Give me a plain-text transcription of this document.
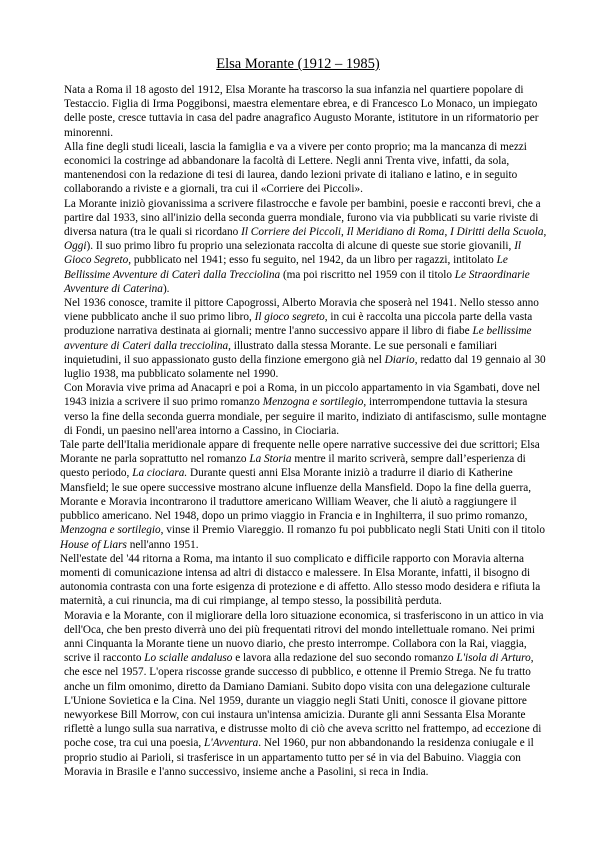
Elsa Morante (1912 – 1985)

Nata a Roma il 18 agosto del 1912, Elsa Morante ha trascorso la sua infanzia nel quartiere popolare di Testaccio. Figlia di Irma Poggibonsi, maestra elementare ebrea, e di Francesco Lo Monaco, un impiegato delle poste, cresce tuttavia in casa del padre anagrafico Augusto Morante, istitutore in un riformatorio per minorenni.

Alla fine degli studi liceali, lascia la famiglia e va a vivere per conto proprio; ma la mancanza di mezzi economici la costringe ad abbandonare la facoltà di Lettere. Negli anni Trenta vive, infatti, da sola, mantenendosi con la redazione di tesi di laurea, dando lezioni private di italiano e latino, e in seguito collaborando a riviste e a giornali, tra cui il «Corriere dei Piccoli».

La Morante iniziò giovanissima a scrivere filastrocche e favole per bambini, poesie e racconti brevi, che a partire dal 1933, sino all'inizio della seconda guerra mondiale, furono via via pubblicati su varie riviste di diversa natura (tra le quali si ricordano Il Corriere dei Piccoli, Il Meridiano di Roma, I Diritti della Scuola, Oggi). Il suo primo libro fu proprio una selezionata raccolta di alcune di queste sue storie giovanili, Il Gioco Segreto, pubblicato nel 1941; esso fu seguito, nel 1942, da un libro per ragazzi, intitolato Le Bellissime Avventure di Caterì dalla Trecciolina (ma poi riscritto nel 1959 con il titolo Le Straordinarie Avventure di Caterina).

Nel 1936 conosce, tramite il pittore Capogrossi, Alberto Moravia che sposerà nel 1941. Nello stesso anno viene pubblicato anche il suo primo libro, Il gioco segreto, in cui è raccolta una piccola parte della vasta produzione narrativa destinata ai giornali; mentre l'anno successivo appare il libro di fiabe Le bellissime avventure di Cateri dalla trecciolina, illustrato dalla stessa Morante. Le sue personali e familiari inquietudini, il suo appassionato gusto della finzione emergono già nel Diario, redatto dal 19 gennaio al 30 luglio 1938, ma pubblicato solamente nel 1990.

Con Moravia vive prima ad Anacapri e poi a Roma, in un piccolo appartamento in via Sgambati, dove nel 1943 inizia a scrivere il suo primo romanzo Menzogna e sortilegio, interrompendone tuttavia la stesura verso la fine della seconda guerra mondiale, per seguire il marito, indiziato di antifascismo, sulle montagne di Fondi, un paesino nell'area intorno a Cassino, in Ciociaria.

Tale parte dell'Italia meridionale appare di frequente nelle opere narrative successive dei due scrittori; Elsa Morante ne parla soprattutto nel romanzo La Storia mentre il marito scriverà, sempre dall’esperienza di questo periodo, La ciociara. Durante questi anni Elsa Morante iniziò a tradurre il diario di Katherine Mansfield; le sue opere successive mostrano alcune influenze della Mansfield. Dopo la fine della guerra, Morante e Moravia incontrarono il traduttore americano William Weaver, che li aiutò a raggiungere il pubblico americano. Nel 1948, dopo un primo viaggio in Francia e in Inghilterra, il suo primo romanzo, Menzogna e sortilegio, vinse il Premio Viareggio. Il romanzo fu poi pubblicato negli Stati Uniti con il titolo House of Liars nell'anno 1951.

Nell'estate del '44 ritorna a Roma, ma intanto il suo complicato e difficile rapporto con Moravia alterna momenti di comunicazione intensa ad altri di distacco e malessere. In Elsa Morante, infatti, il bisogno di autonomia contrasta con una forte esigenza di protezione e di affetto. Allo stesso modo desidera e rifiuta la maternità, a cui rinuncia, ma di cui rimpiange, al tempo stesso, la possibilità perduta.

Moravia e la Morante, con il migliorare della loro situazione economica, si trasferiscono in un attico in via dell'Oca, che ben presto diverrà uno dei più frequentati ritrovi del mondo intellettuale romano. Nei primi anni Cinquanta la Morante tiene un nuovo diario, che presto interrompe. Collabora con la Rai, viaggia, scrive il racconto Lo scialle andaluso e lavora alla redazione del suo secondo romanzo L'isola di Arturo, che esce nel 1957. L'opera riscosse grande successo di pubblico, e ottenne il Premio Strega. Ne fu tratto anche un film omonimo, diretto da Damiano Damiani. Subito dopo visita con una delegazione culturale L'Unione Sovietica e la Cina. Nel 1959, durante un viaggio negli Stati Uniti, conosce il giovane pittore newyorkese Bill Morrow, con cui instaura un'intensa amicizia. Durante gli anni Sessanta Elsa Morante riflettè a lungo sulla sua narrativa, e distrusse molto di ciò che aveva scritto nel frattempo, ad eccezione di poche cose, tra cui una poesia, L'Avventura. Nel 1960, pur non abbandonando la residenza coniugale e il proprio studio ai Parioli, si trasferisce in un appartamento tutto per sé in via del Babuino. Viaggia con Moravia in Brasile e l'anno successivo, insieme anche a Pasolini, si reca in India.
